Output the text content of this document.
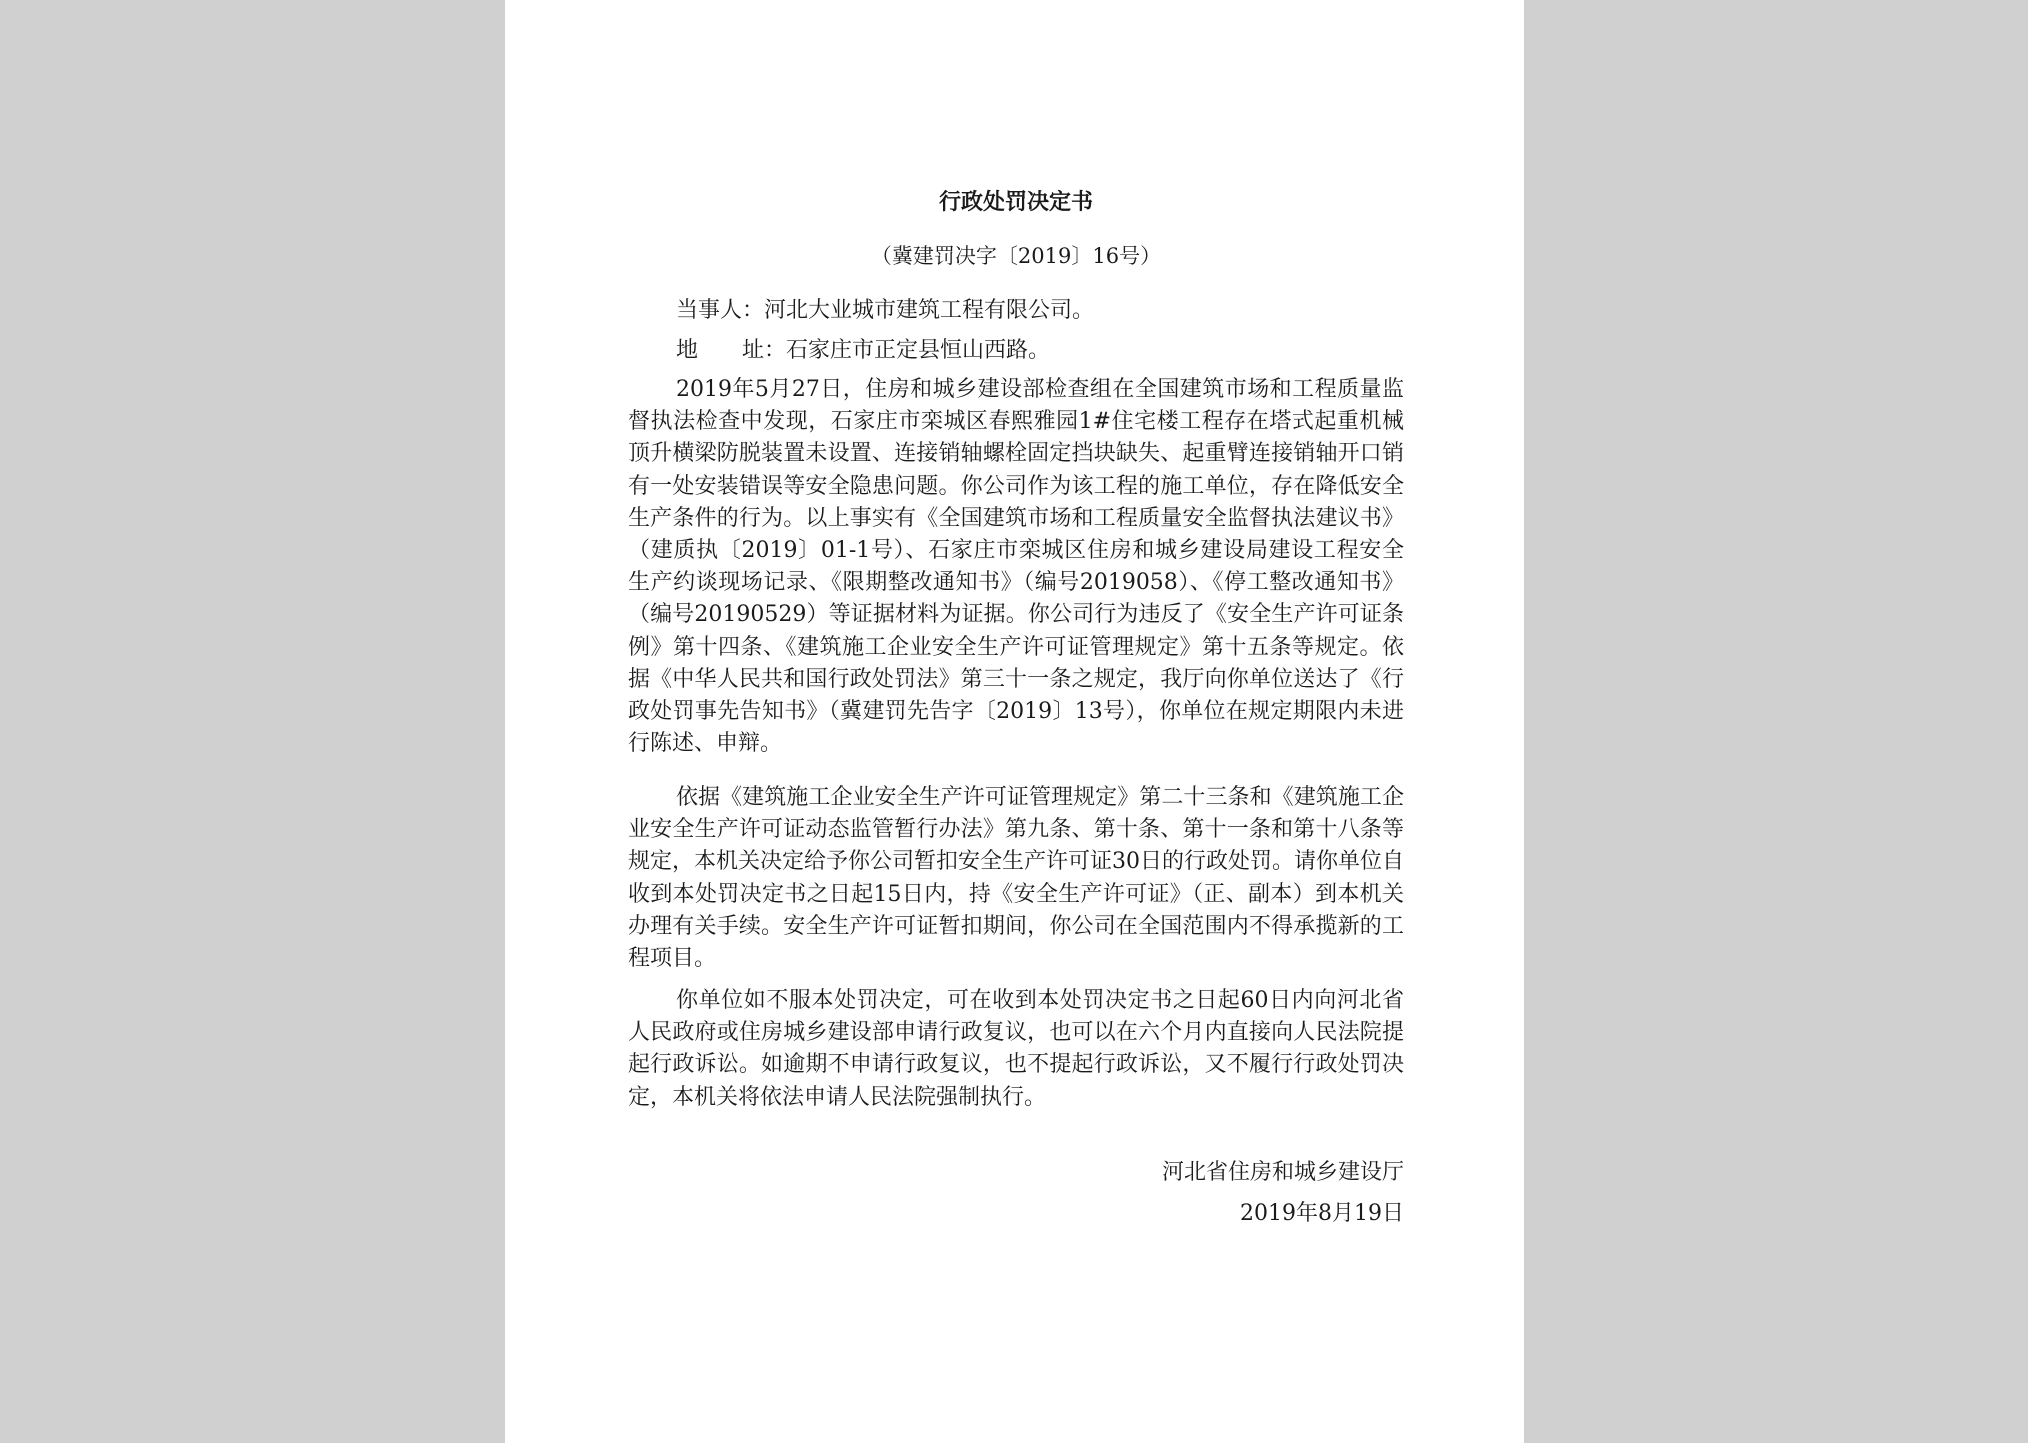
行政处罚决定书
（冀建罚决字〔2019〕16号）
当事人：河北大业城市建筑工程有限公司。
地　　址：石家庄市正定县恒山西路。

2019年5月27日，住房和城乡建设部检查组在全国建筑市场和工程质量监督执法检查中发现，石家庄市栾城区春熙雅园1#住宅楼工程存在塔式起重机械顶升横梁防脱装置未设置、连接销轴螺栓固定挡块缺失、起重臂连接销轴开口销有一处安装错误等安全隐患问题。你公司作为该工程的施工单位，存在降低安全生产条件的行为。以上事实有《全国建筑市场和工程质量安全监督执法建议书》（建质执〔2019〕01-1号）、石家庄市栾城区住房和城乡建设局建设工程安全生产约谈现场记录、《限期整改通知书》（编号2019058）、《停工整改通知书》（编号20190529）等证据材料为证据。你公司行为违反了《安全生产许可证条例》第十四条、《建筑施工企业安全生产许可证管理规定》第十五条等规定。依据《中华人民共和国行政处罚法》第三十一条之规定，我厅向你单位送达了《行政处罚事先告知书》（冀建罚先告字〔2019〕13号），你单位在规定期限内未进行陈述、申辩。

依据《建筑施工企业安全生产许可证管理规定》第二十三条和《建筑施工企业安全生产许可证动态监管暂行办法》第九条、第十条、第十一条和第十八条等规定，本机关决定给予你公司暂扣安全生产许可证30日的行政处罚。请你单位自收到本处罚决定书之日起15日内，持《安全生产许可证》（正、副本）到本机关办理有关手续。安全生产许可证暂扣期间，你公司在全国范围内不得承揽新的工程项目。

你单位如不服本处罚决定，可在收到本处罚决定书之日起60日内向河北省人民政府或住房城乡建设部申请行政复议，也可以在六个月内直接向人民法院提起行政诉讼。如逾期不申请行政复议，也不提起行政诉讼，又不履行行政处罚决定，本机关将依法申请人民法院强制执行。

河北省住房和城乡建设厅
2019年8月19日
